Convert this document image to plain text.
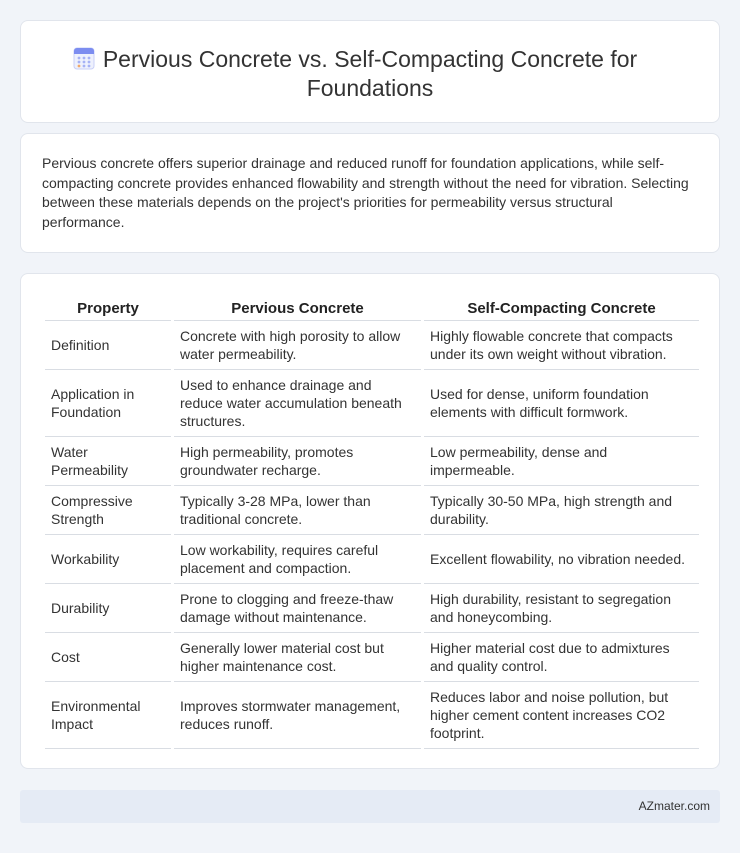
Pervious Concrete vs. Self-Compacting Concrete for Foundations

Pervious concrete offers superior drainage and reduced runoff for foundation applications, while self-compacting concrete provides enhanced flowability and strength without the need for vibration. Selecting between these materials depends on the project's priorities for permeability versus structural performance.

Property	Pervious Concrete	Self-Compacting Concrete
Definition	Concrete with high porosity to allow water permeability.	Highly flowable concrete that compacts under its own weight without vibration.
Application in Foundation	Used to enhance drainage and reduce water accumulation beneath structures.	Used for dense, uniform foundation elements with difficult formwork.
Water Permeability	High permeability, promotes groundwater recharge.	Low permeability, dense and impermeable.
Compressive Strength	Typically 3-28 MPa, lower than traditional concrete.	Typically 30-50 MPa, high strength and durability.
Workability	Low workability, requires careful placement and compaction.	Excellent flowability, no vibration needed.
Durability	Prone to clogging and freeze-thaw damage without maintenance.	High durability, resistant to segregation and honeycombing.
Cost	Generally lower material cost but higher maintenance cost.	Higher material cost due to admixtures and quality control.
Environmental Impact	Improves stormwater management, reduces runoff.	Reduces labor and noise pollution, but higher cement content increases CO2 footprint.
AZmater.com
